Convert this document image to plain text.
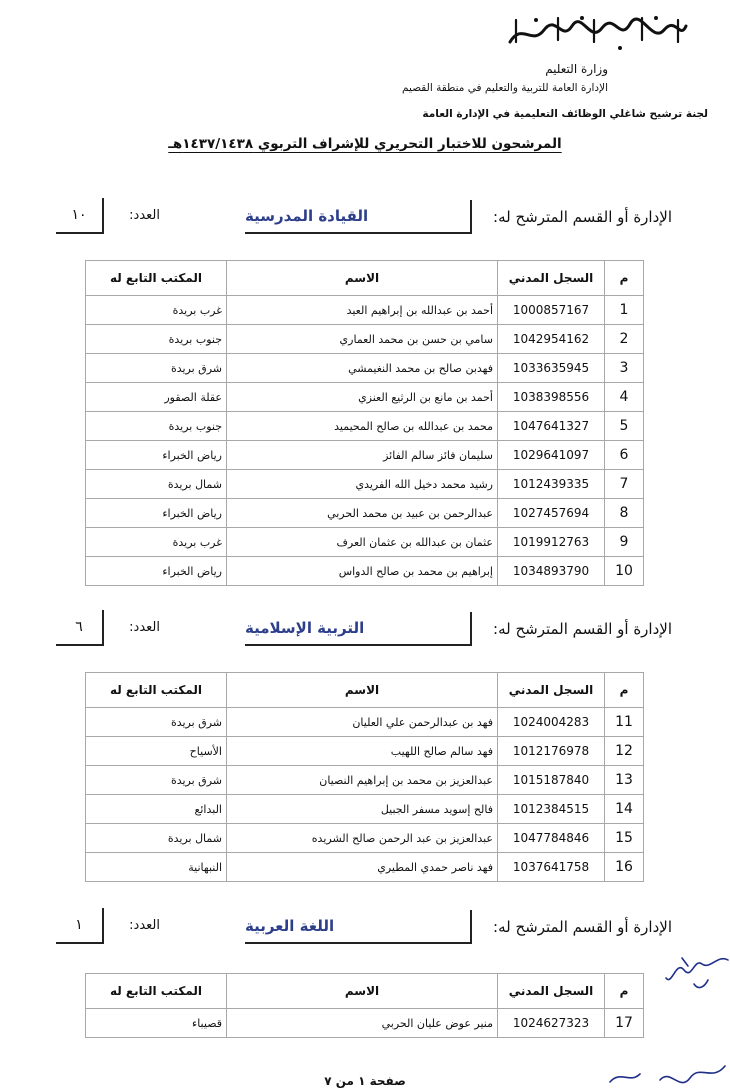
وزارة التعليم
الإدارة العامة للتربية والتعليم في منطقة القصيم
لجنة ترشيح شاغلي الوظائف التعليمية في الإدارة العامة
المرشحون للاختبار التحريري للإشراف التربوي ١٤٣٧/١٤٣٨هـ
الإدارة أو القسم المترشح له:
القيادة المدرسية
العدد:
١٠
م	السجل المدني	الاسم	المكتب التابع له
1	1000857167	أحمد بن عبدالله بن إبراهيم العيد	غرب بريدة
2	1042954162	سامي بن حسن بن محمد العماري	جنوب بريدة
3	1033635945	فهدبن صالح بن محمد النغيمشي	شرق بريدة
4	1038398556	أحمد بن مانع بن الرثيع العنزي	عقلة الصقور
5	1047641327	محمد بن عبدالله بن صالح المحيميد	جنوب بريدة
6	1029641097	سليمان فائز سالم الفائز	رياض الخبراء
7	1012439335	رشيد محمد دخيل الله الفريدي	شمال بريدة
8	1027457694	عبدالرحمن بن عبيد بن محمد الحربي	رياض الخبراء
9	1019912763	عثمان بن عبدالله بن عثمان العرف	غرب بريدة
10	1034893790	إبراهيم بن محمد بن صالح الدواس	رياض الخبراء
الإدارة أو القسم المترشح له:
التربية الإسلامية
العدد:
٦
م	السجل المدني	الاسم	المكتب التابع له
11	1024004283	فهد بن عبدالرحمن علي العليان	شرق بريدة
12	1012176978	فهد سالم صالح اللهيب	الأسياح
13	1015187840	عبدالعزيز بن محمد بن إبراهيم النصيان	شرق بريدة
14	1012384515	فالح إسويد مسفر الجبيل	البدائع
15	1047784846	عبدالعزيز بن عبد الرحمن صالح الشريده	شمال بريدة
16	1037641758	فهد ناصر حمدي المطيري	النبهانية
الإدارة أو القسم المترشح له:
اللغة العربية
العدد:
١
م	السجل المدني	الاسم	المكتب التابع له
17	1024627323	منير عوض عليان الحربي	قصيباء
صفحة ١ من ٧
